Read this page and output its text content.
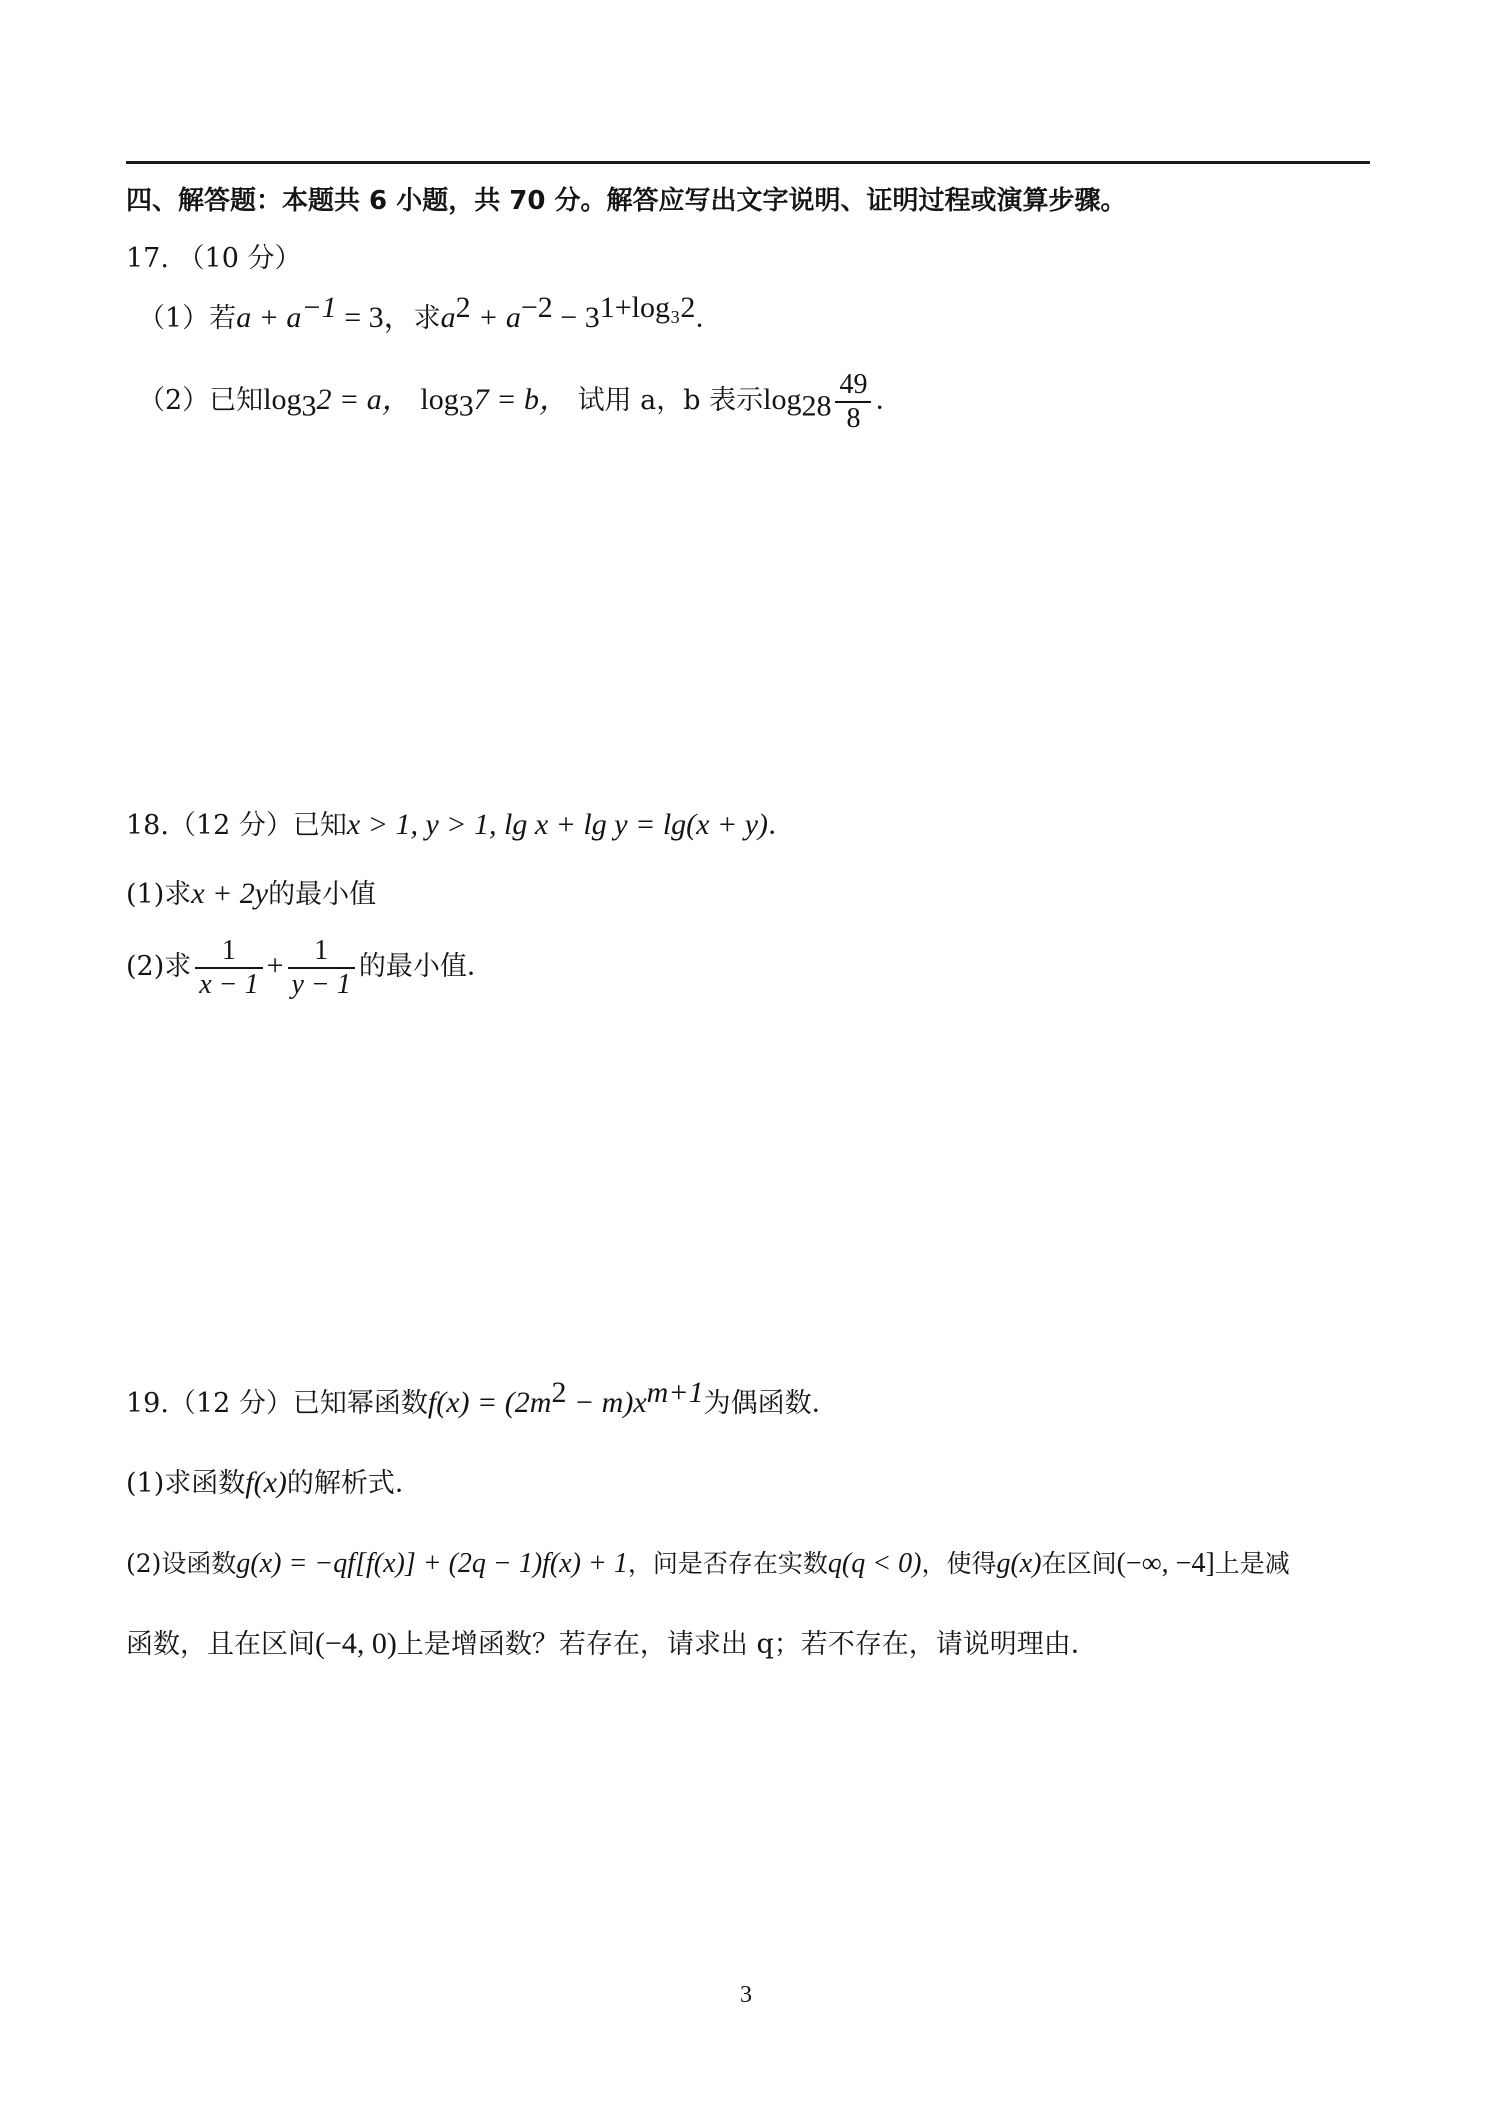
四、解答题：本题共 6 小题，共 70 分。解答应写出文字说明、证明过程或演算步骤。
17. （10 分）
（1）若$a + a^{-1} = 3$，求$a^2 + a^{-2} - 3^{1+log_32}$．
（2）已知$\log_32 = a$， $\log_37 = b$， 试用 a，b 表示$\log_{28} \frac{49}{8}$ ．
18.（12 分）已知x > 1, y > 1, lg x + lg y = lg(x + y)．
(1)求x + 2y的最小值
(2)求 $\frac{1}{x - 1} + \frac{1}{y - 1}$ 的最小值．
19.（12 分）已知幂函数$f(x) = (2m^2 - m)x^{m+1}$为偶函数．
(1)求函数f(x)的解析式．
(2)设函数g(x) = −qf[f(x)] + (2q − 1)f(x) + 1，问是否存在实数q(q < 0)，使得g(x)在区间(−∞, −4]上是减
函数，且在区间(−4, 0)上是增函数？若存在，请求出 q；若不存在，请说明理由．
3
